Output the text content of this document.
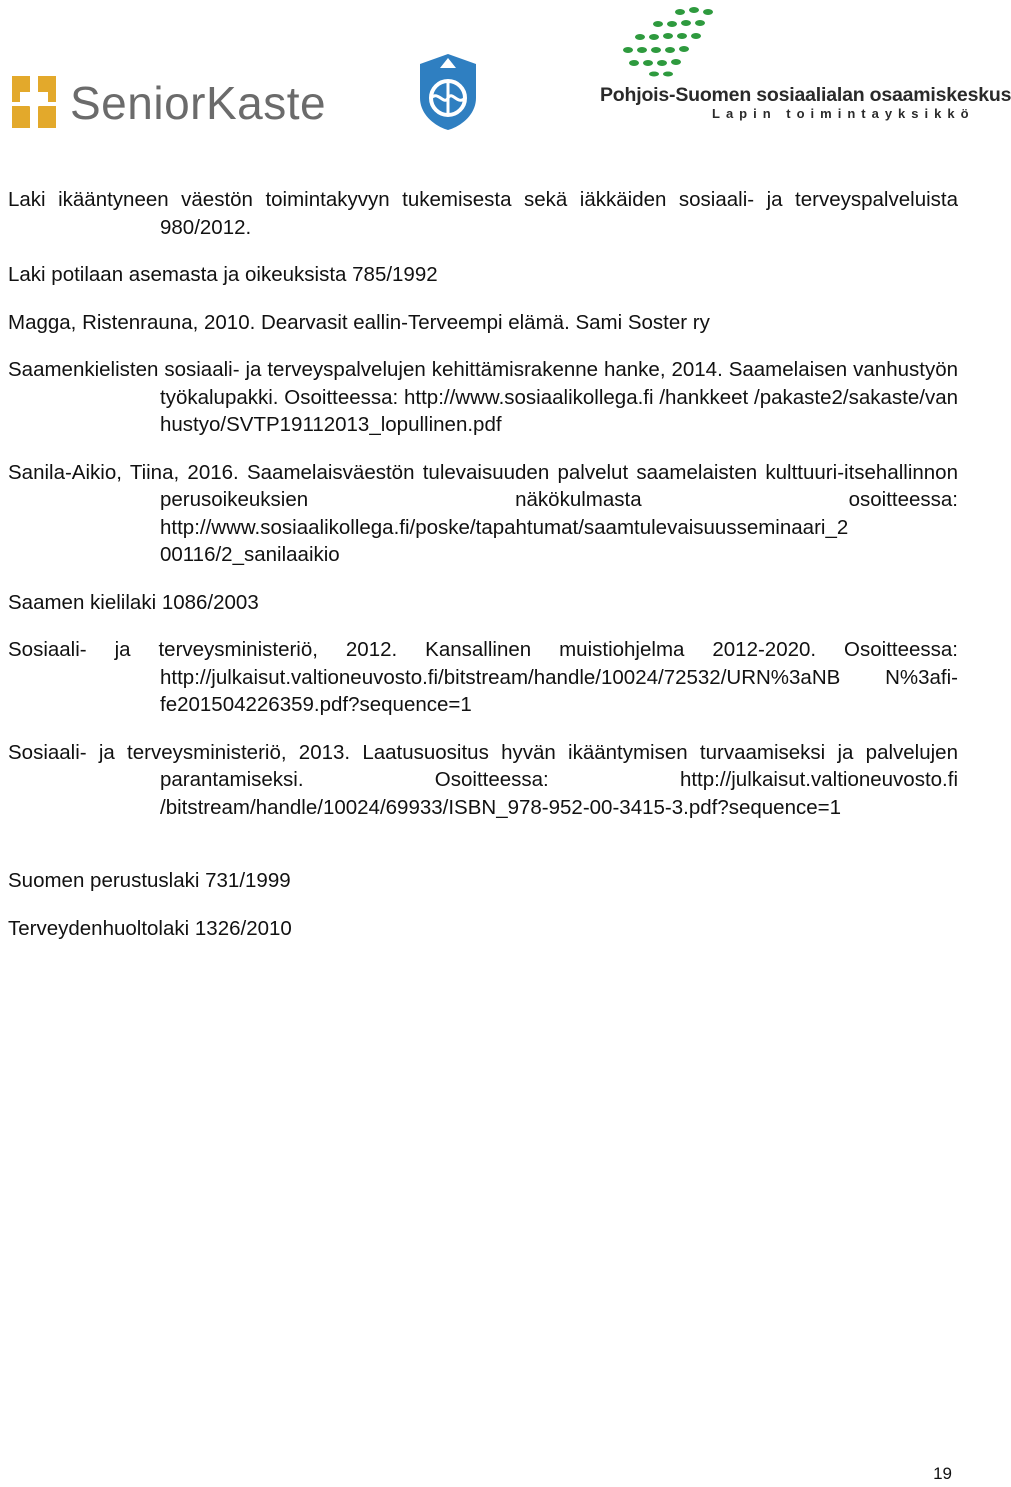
SeniorKaste	Pohjois-Suomen sosiaalialan osaamiskeskus
Lapin toimintayksikkö

Laki ikääntyneen väestön toimintakyvyn tukemisesta sekä iäkkäiden sosiaali- ja terveyspalveluista 980/2012.

Laki potilaan asemasta ja oikeuksista 785/1992

Magga, Ristenrauna, 2010. Dearvasit eallin-Terveempi elämä. Sami Soster ry

Saamenkielisten sosiaali- ja terveyspalvelujen kehittämisrakenne hanke, 2014. Saamelaisen vanhustyön työkalupakki. Osoitteessa: http://www.sosiaalikollega.fi /hankkeet /pakaste2/sakaste/van hustyo/SVTP19112013_lopullinen.pdf

Sanila-Aikio, Tiina, 2016. Saamelaisväestön tulevaisuuden palvelut saamelaisten kulttuuri-itsehallinnon perusoikeuksien näkökulmasta osoitteessa: http://www.sosiaalikollega.fi/poske/tapahtumat/saamtulevaisuusseminaari_2 00116/2_sanilaaikio

Saamen kielilaki 1086/2003

Sosiaali- ja terveysministeriö, 2012. Kansallinen muistiohjelma 2012-2020. Osoitteessa: http://julkaisut.valtioneuvosto.fi/bitstream/handle/10024/72532/URN%3aNB N%3afi-fe201504226359.pdf?sequence=1

Sosiaali- ja terveysministeriö, 2013. Laatusuositus hyvän ikääntymisen turvaamiseksi ja palvelujen parantamiseksi. Osoitteessa: http://julkaisut.valtioneuvosto.fi /bitstream/handle/10024/69933/ISBN_978-952-00-3415-3.pdf?sequence=1

Suomen perustuslaki 731/1999

Terveydenhuoltolaki 1326/2010

19
